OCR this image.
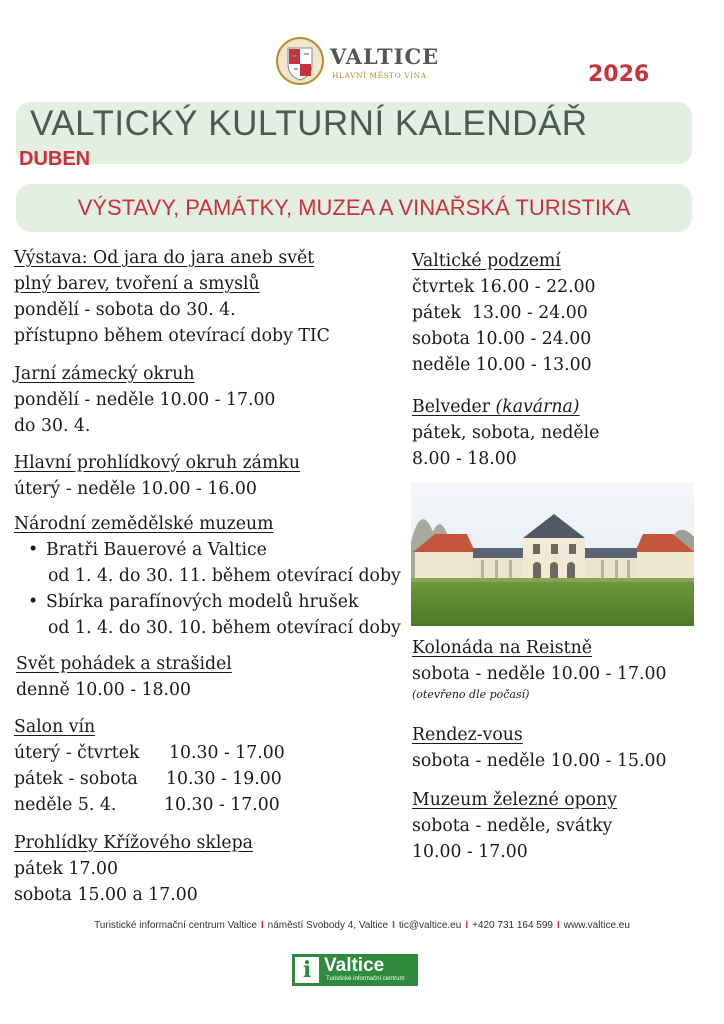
VALTICE
HLAVNÍ MĚSTO VÍNA	2026
VALTICKÝ KULTURNÍ KALENDÁŘ
DUBEN
VÝSTAVY, PAMÁTKY, MUZEA A VINAŘSKÁ TURISTIKA
Výstava: Od jara do jara aneb svět
plný barev, tvoření a smyslů
pondělí - sobota do 30. 4.
přístupno během otevírací doby TIC
Jarní zámecký okruh
pondělí - neděle 10.00 - 17.00
do 30. 4.
Hlavní prohlídkový okruh zámku
úterý - neděle 10.00 - 16.00
Národní zemědělské muzeum
• Bratři Bauerové a Valtice
od 1. 4. do 30. 11. během otevírací doby
• Sbírka parafínových modelů hrušek
od 1. 4. do 30. 10. během otevírací doby
Svět pohádek a strašidel
denně 10.00 - 18.00
Salon vín
úterý - čtvrtek 10.30 - 17.00
pátek - sobota 10.30 - 19.00
neděle 5. 4.	10.30 - 17.00
Prohlídky Křížového sklepa
pátek 17.00
sobota 15.00 a 17.00
Valtické podzemí
čtvrtek 16.00 - 22.00
pátek  13.00 - 24.00
sobota 10.00 - 24.00
neděle 10.00 - 13.00
Belveder (kavárna)
pátek, sobota, neděle
8.00 - 18.00
Kolonáda na Reistně
sobota - neděle 10.00 - 17.00
(otevřeno dle počasí)
Rendez-vous
sobota - neděle 10.00 - 15.00
Muzeum železné opony
sobota - neděle, svátky
10.00 - 17.00
Turistické informační centrum Valtice I náměstí Svobody 4, Valtice I tic@valtice.eu I +420 731 164 599 I www.valtice.eu
i Valtice
Turistické informační centrum
